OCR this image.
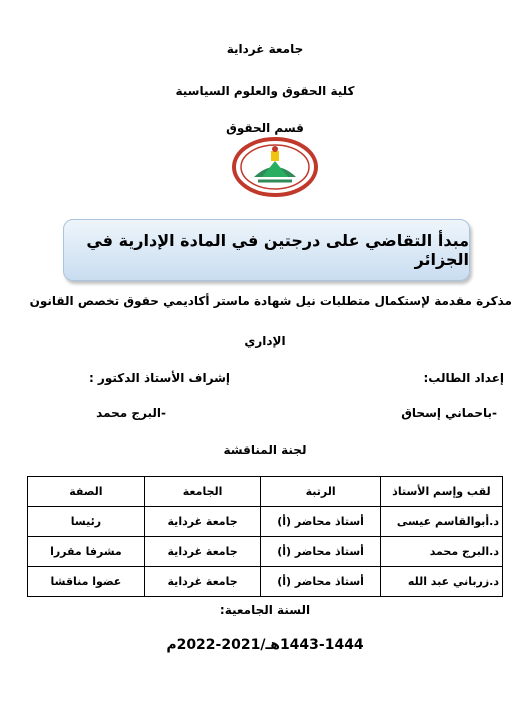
جامعة غرداية
كلية الحقوق والعلوم السياسية
قسم الحقوق
مبدأ التقاضي على درجتين في المادة الإدارية في الجزائر
مذكرة مقدمة لإستكمال متطلبات نيل شهادة ماستر أكاديمي حقوق تخصص القانون
الإداري
إعداد الطالب:
إشراف الأستاذ الدكتور :
-باحماني إسحاق
-البرج محمد
لجنة المناقشة
لقب وإسم الأستاذ	الرتبة	الجامعة	الصفة
د.أبوالقاسم عيسى	أستاذ محاضر (أ)	جامعة غرداية	رئيسا
د.البرج محمد	أستاذ محاضر (أ)	جامعة غرداية	مشرفا مقررا
د.زرباني عبد الله	أستاذ محاضر (أ)	جامعة غرداية	عضوا مناقشا
السنة الجامعية:
1443-1444هـ/2021-2022م
